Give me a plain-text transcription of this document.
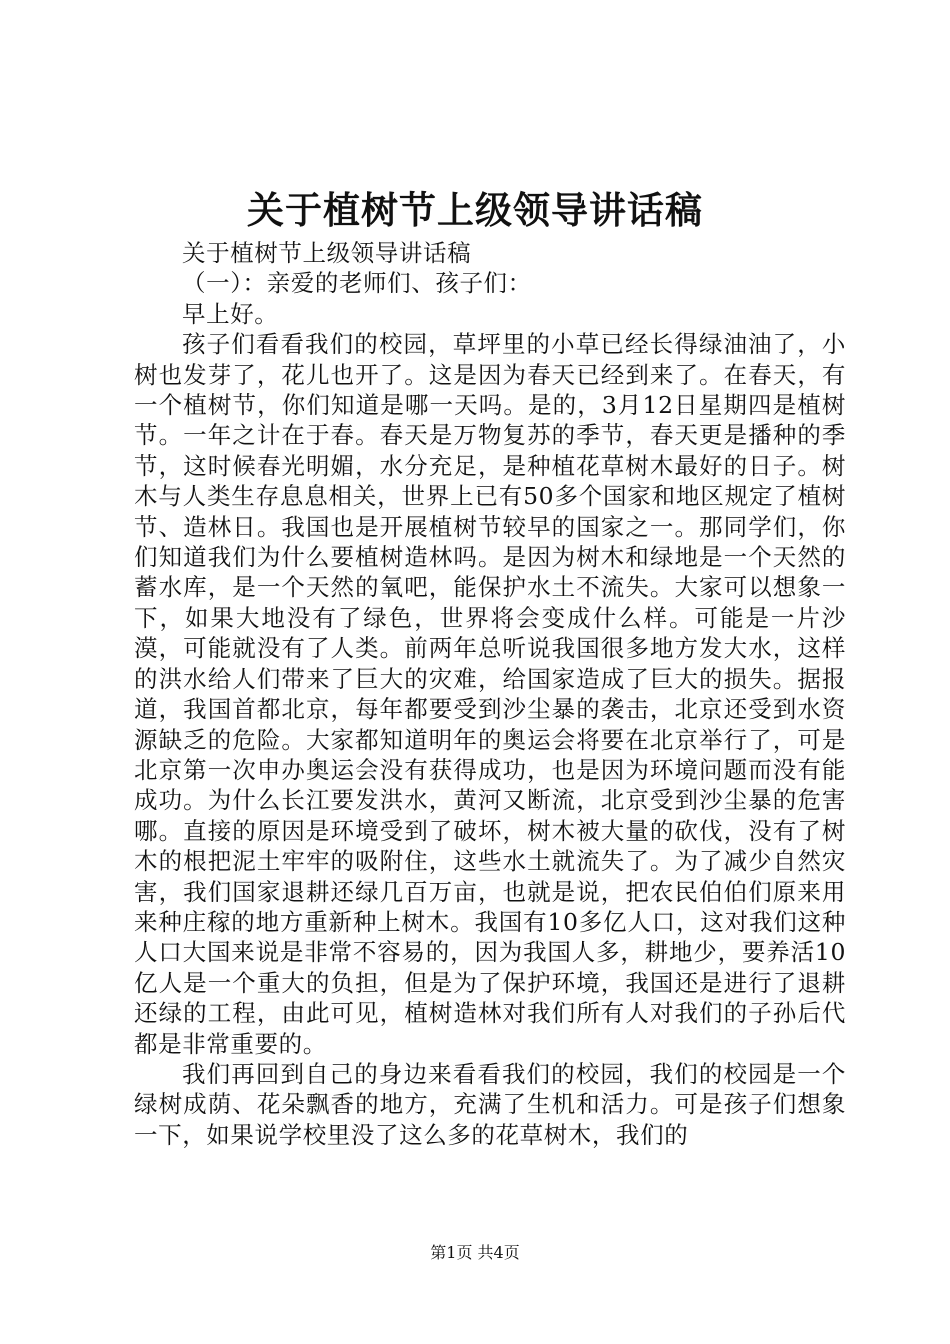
关于植树节上级领导讲话稿

关于植树节上级领导讲话稿

（一）：亲爱的老师们、孩子们：

早上好。

孩子们看看我们的校园，草坪里的小草已经长得绿油油了，小树也发芽了，花儿也开了。这是因为春天已经到来了。在春天，有一个植树节，你们知道是哪一天吗。是的，3月12日星期四是植树节。一年之计在于春。春天是万物复苏的季节，春天更是播种的季节，这时候春光明媚，水分充足，是种植花草树木最好的日子。树木与人类生存息息相关，世界上已有50多个国家和地区规定了植树节、造林日。我国也是开展植树节较早的国家之一。那同学们，你们知道我们为什么要植树造林吗。是因为树木和绿地是一个天然的蓄水库，是一个天然的氧吧，能保护水土不流失。大家可以想象一下，如果大地没有了绿色，世界将会变成什么样。可能是一片沙漠，可能就没有了人类。前两年总听说我国很多地方发大水，这样的洪水给人们带来了巨大的灾难，给国家造成了巨大的损失。据报道，我国首都北京，每年都要受到沙尘暴的袭击，北京还受到水资源缺乏的危险。大家都知道明年的奥运会将要在北京举行了，可是北京第一次申办奥运会没有获得成功，也是因为环境问题而没有能成功。为什么长江要发洪水，黄河又断流，北京受到沙尘暴的危害哪。直接的原因是环境受到了破坏，树木被大量的砍伐，没有了树木的根把泥土牢牢的吸附住，这些水土就流失了。为了减少自然灾害，我们国家退耕还绿几百万亩，也就是说，把农民伯伯们原来用来种庄稼的地方重新种上树木。我国有10多亿人口，这对我们这种人口大国来说是非常不容易的，因为我国人多，耕地少，要养活10亿人是一个重大的负担，但是为了保护环境，我国还是进行了退耕还绿的工程，由此可见，植树造林对我们所有人对我们的子孙后代都是非常重要的。

我们再回到自己的身边来看看我们的校园，我们的校园是一个绿树成荫、花朵飘香的地方，充满了生机和活力。可是孩子们想象一下，如果说学校里没了这么多的花草树木，我们的

第1页 共4页
